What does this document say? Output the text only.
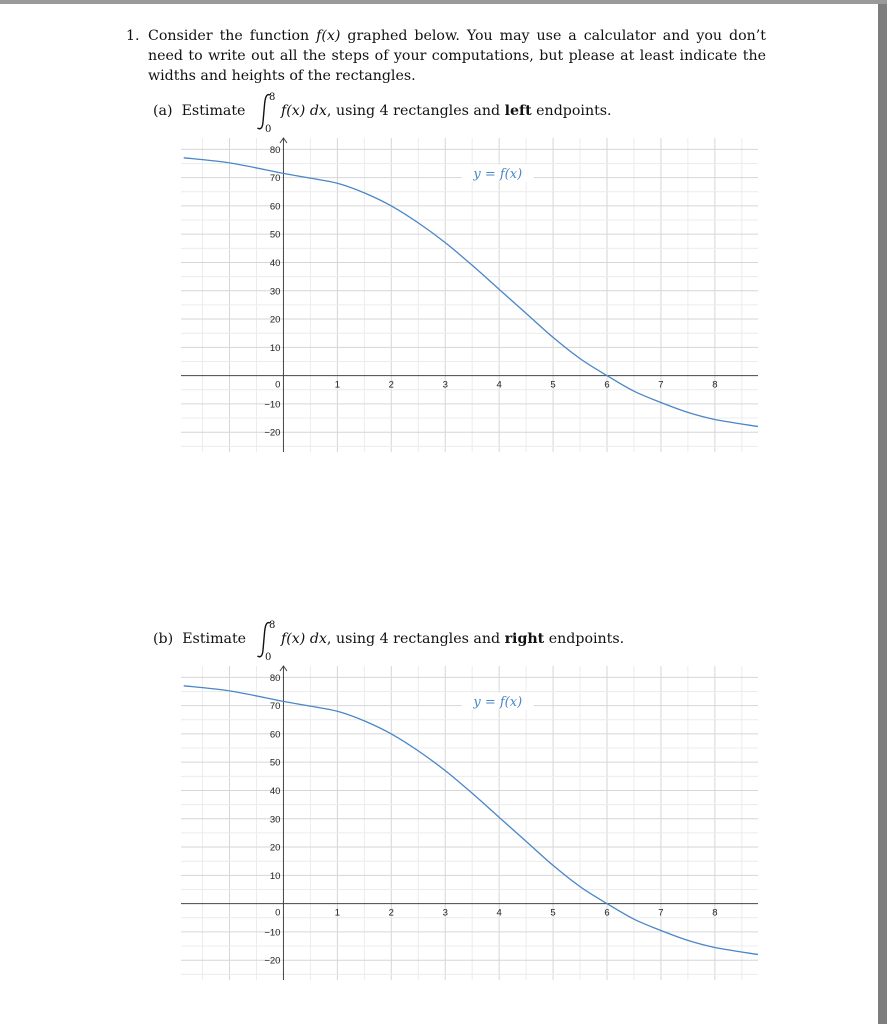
1. Consider the function f(x) graphed below. You may use a calculator and you don’t need to write out all the steps of your computations, but please at least indicate the widths and heights of the rectangles.
(a) Estimate
8
0
f(x) dx, using 4 rectangles and left endpoints.
1	2	3	4	5	6	7	8
80
70
60
50
40
30
20
10
0
−10
−20
y = f(x)
(b) Estimate
8
0
f(x) dx, using 4 rectangles and right endpoints.
1	2	3	4	5	6	7	8
80
70
60
50
40
30
20
10
0
−10
−20
y = f(x)
